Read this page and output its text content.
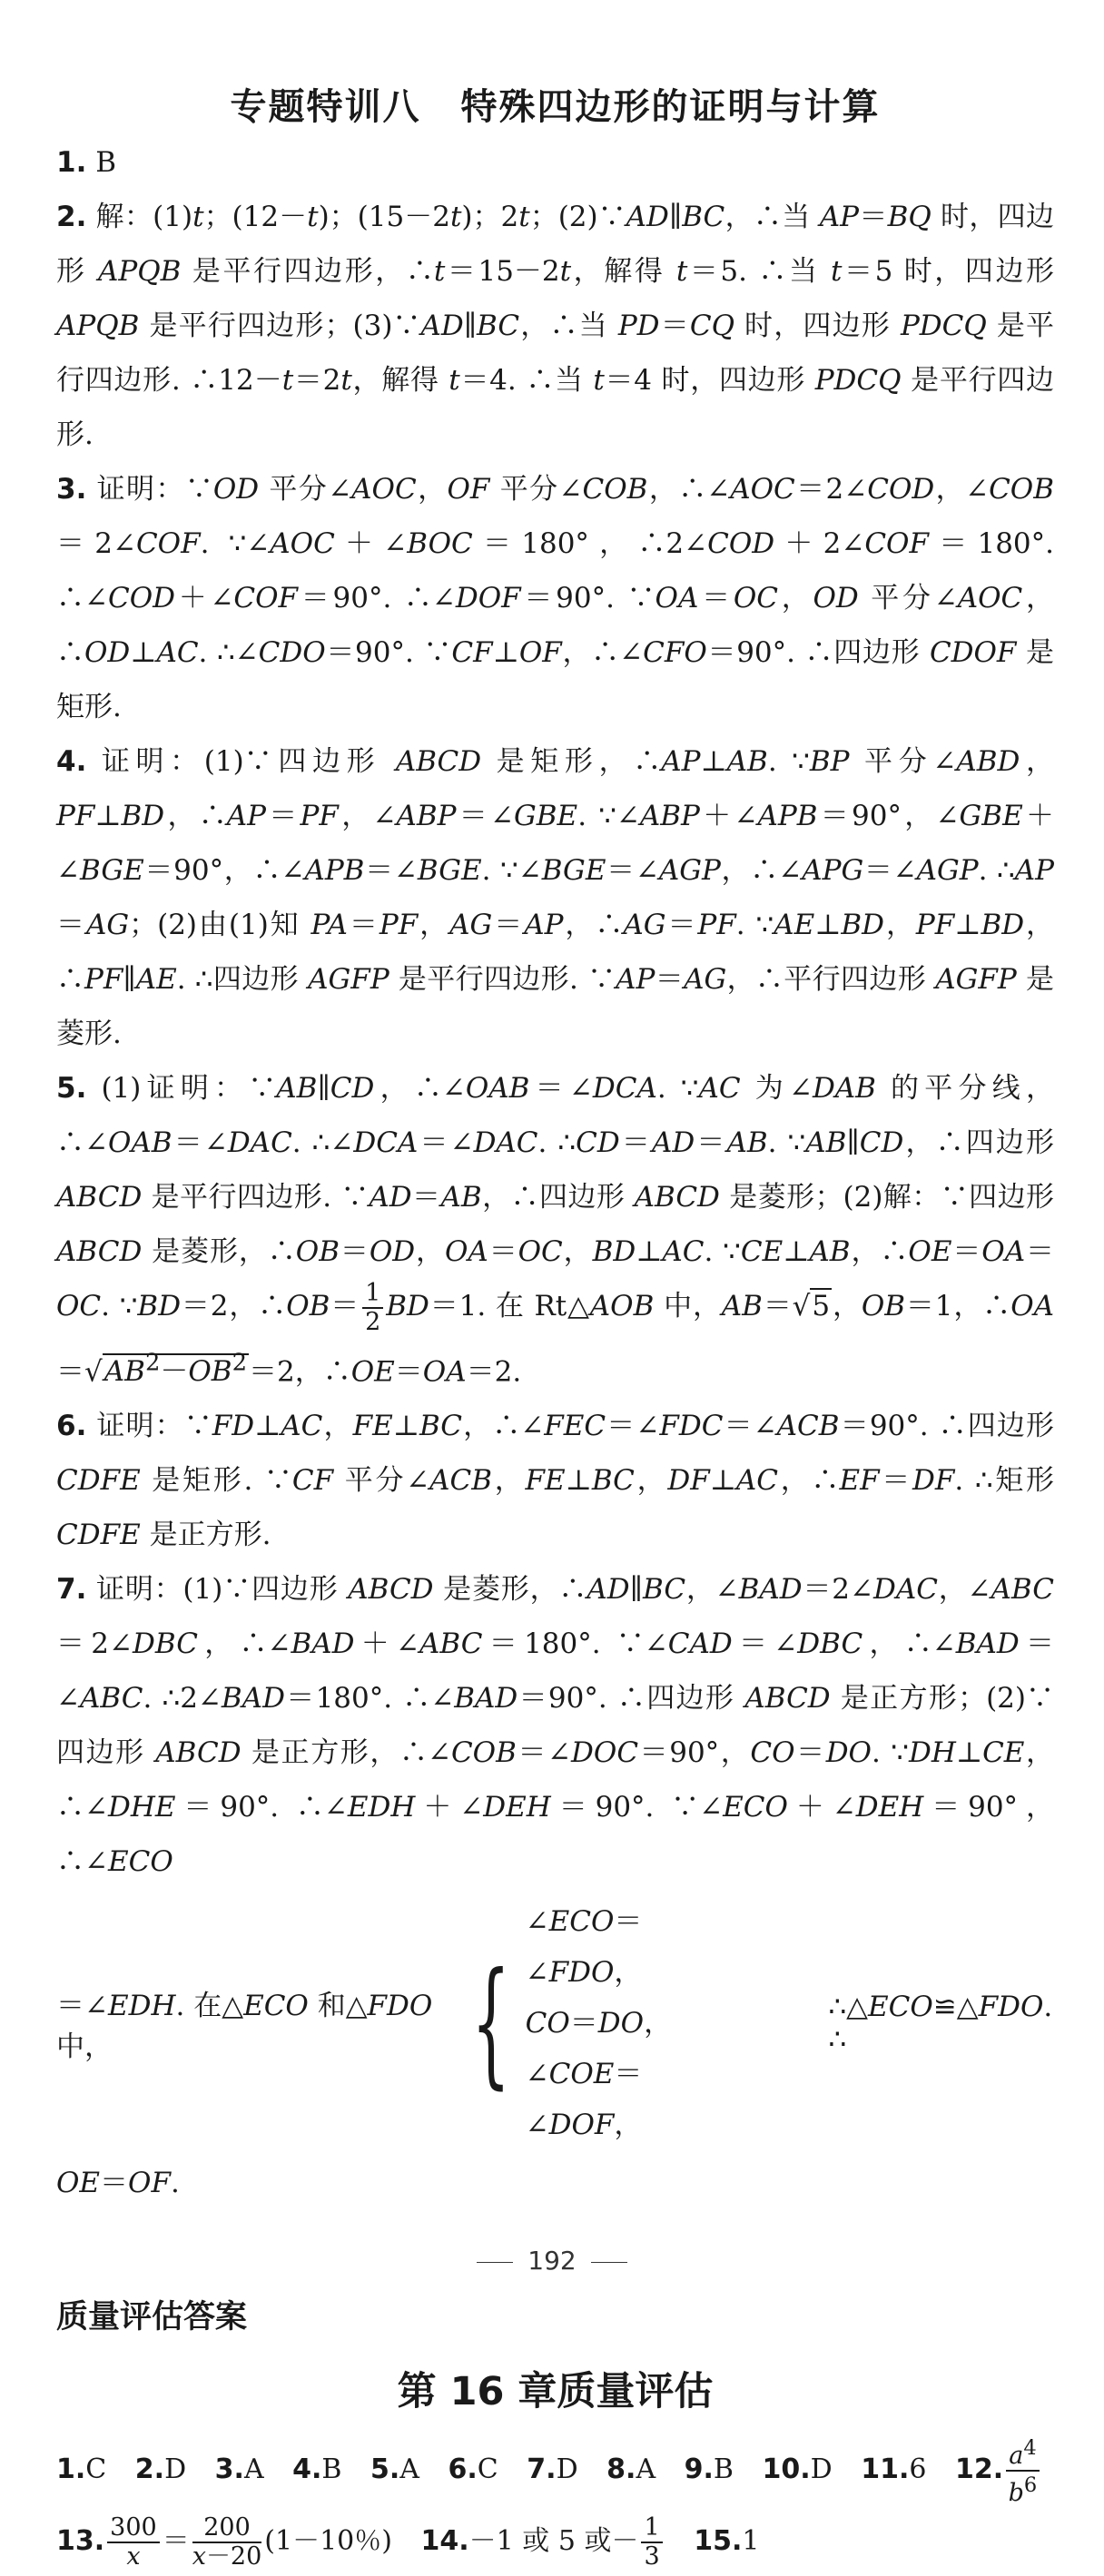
专题特训八 特殊四边形的证明与计算

1. B

2. 解：(1)t；(12－t)；(15－2t)；2t；(2)∵AD∥BC，∴当 AP＝BQ 时，四边形 APQB 是平行四边形，∴t＝15－2t，解得 t＝5. ∴当 t＝5 时，四边形 APQB 是平行四边形；(3)∵AD∥BC，∴当 PD＝CQ 时，四边形 PDCQ 是平行四边形. ∴12－t＝2t，解得 t＝4. ∴当 t＝4 时，四边形 PDCQ 是平行四边形.

3. 证明：∵OD 平分∠AOC，OF 平分∠COB，∴∠AOC＝2∠COD，∠COB＝2∠COF. ∵∠AOC＋∠BOC＝180°，∴2∠COD＋2∠COF＝180°. ∴∠COD＋∠COF＝90°. ∴∠DOF＝90°. ∵OA＝OC，OD 平分∠AOC，∴OD⊥AC. ∴∠CDO＝90°. ∵CF⊥OF，∴∠CFO＝90°. ∴四边形 CDOF 是矩形.

4. 证明：(1)∵四边形 ABCD 是矩形，∴AP⊥AB. ∵BP 平分∠ABD，PF⊥BD，∴AP＝PF，∠ABP＝∠GBE. ∵∠ABP＋∠APB＝90°，∠GBE＋∠BGE＝90°，∴∠APB＝∠BGE. ∵∠BGE＝∠AGP，∴∠APG＝∠AGP. ∴AP＝AG；(2)由(1)知 PA＝PF，AG＝AP，∴AG＝PF. ∵AE⊥BD，PF⊥BD，∴PF∥AE. ∴四边形 AGFP 是平行四边形. ∵AP＝AG，∴平行四边形 AGFP 是菱形.

5. (1)证明：∵AB∥CD，∴∠OAB＝∠DCA. ∵AC 为∠DAB 的平分线，∴∠OAB＝∠DAC. ∴∠DCA＝∠DAC. ∴CD＝AD＝AB. ∵AB∥CD，∴四边形 ABCD 是平行四边形. ∵AD＝AB，∴四边形 ABCD 是菱形；(2)解：∵四边形 ABCD 是菱形，∴OB＝OD，OA＝OC，BD⊥AC. ∵CE⊥AB，∴OE＝OA＝OC. ∵BD＝2，∴OB＝ $\frac{1}{2} BD=1$. 在 Rt△AOB 中，AB＝√5，OB＝1，$\therefore OA=√AB^2-OB^2=2$，∴OE＝OA＝2.

6. 证明：∵FD⊥AC，FE⊥BC，∴∠FEC＝∠FDC＝∠ACB＝90°. ∴四边形 CDFE 是矩形. ∵CF 平分∠ACB，FE⊥BC，DF⊥AC，∴EF＝DF. ∴矩形 CDFE 是正方形.

7. 证明：(1)∵四边形 ABCD 是菱形，∴AD∥BC，∠BAD＝2∠DAC，∠ABC＝2∠DBC，∴∠BAD＋∠ABC＝180°. ∵∠CAD＝∠DBC，∴∠BAD＝∠ABC. ∴2∠BAD＝180°. ∴∠BAD＝90°. ∴四边形 ABCD 是正方形；(2)∵四边形 ABCD 是正方形，∴∠COB＝∠DOC＝90°，CO＝DO. ∵DH⊥CE，∴∠DHE＝90°. ∴∠EDH＋∠DEH＝90°. ∵∠ECO＋∠DEH＝90°，∴∠ECO

＝∠EDH. 在△ECO 和△FDO 中，	{
∠ECO＝∠FDO，
CO＝DO，
∠COE＝∠DOF，
∴△ECO≌△FDO. ∴

OE＝OF.

质量评估答案
第 16 章质量评估

1.C 2.D 3.A 4.B 5.A 6.C 7.D 8.A 9.B 10.D 11.6 12. $\frac{a^4}{b^6}$

13. $\frac{300}{x} = \frac{200}{x-20} (1-10$％) 14.－1 或 5 或－ $\frac{1}{3} 15.1$

192
